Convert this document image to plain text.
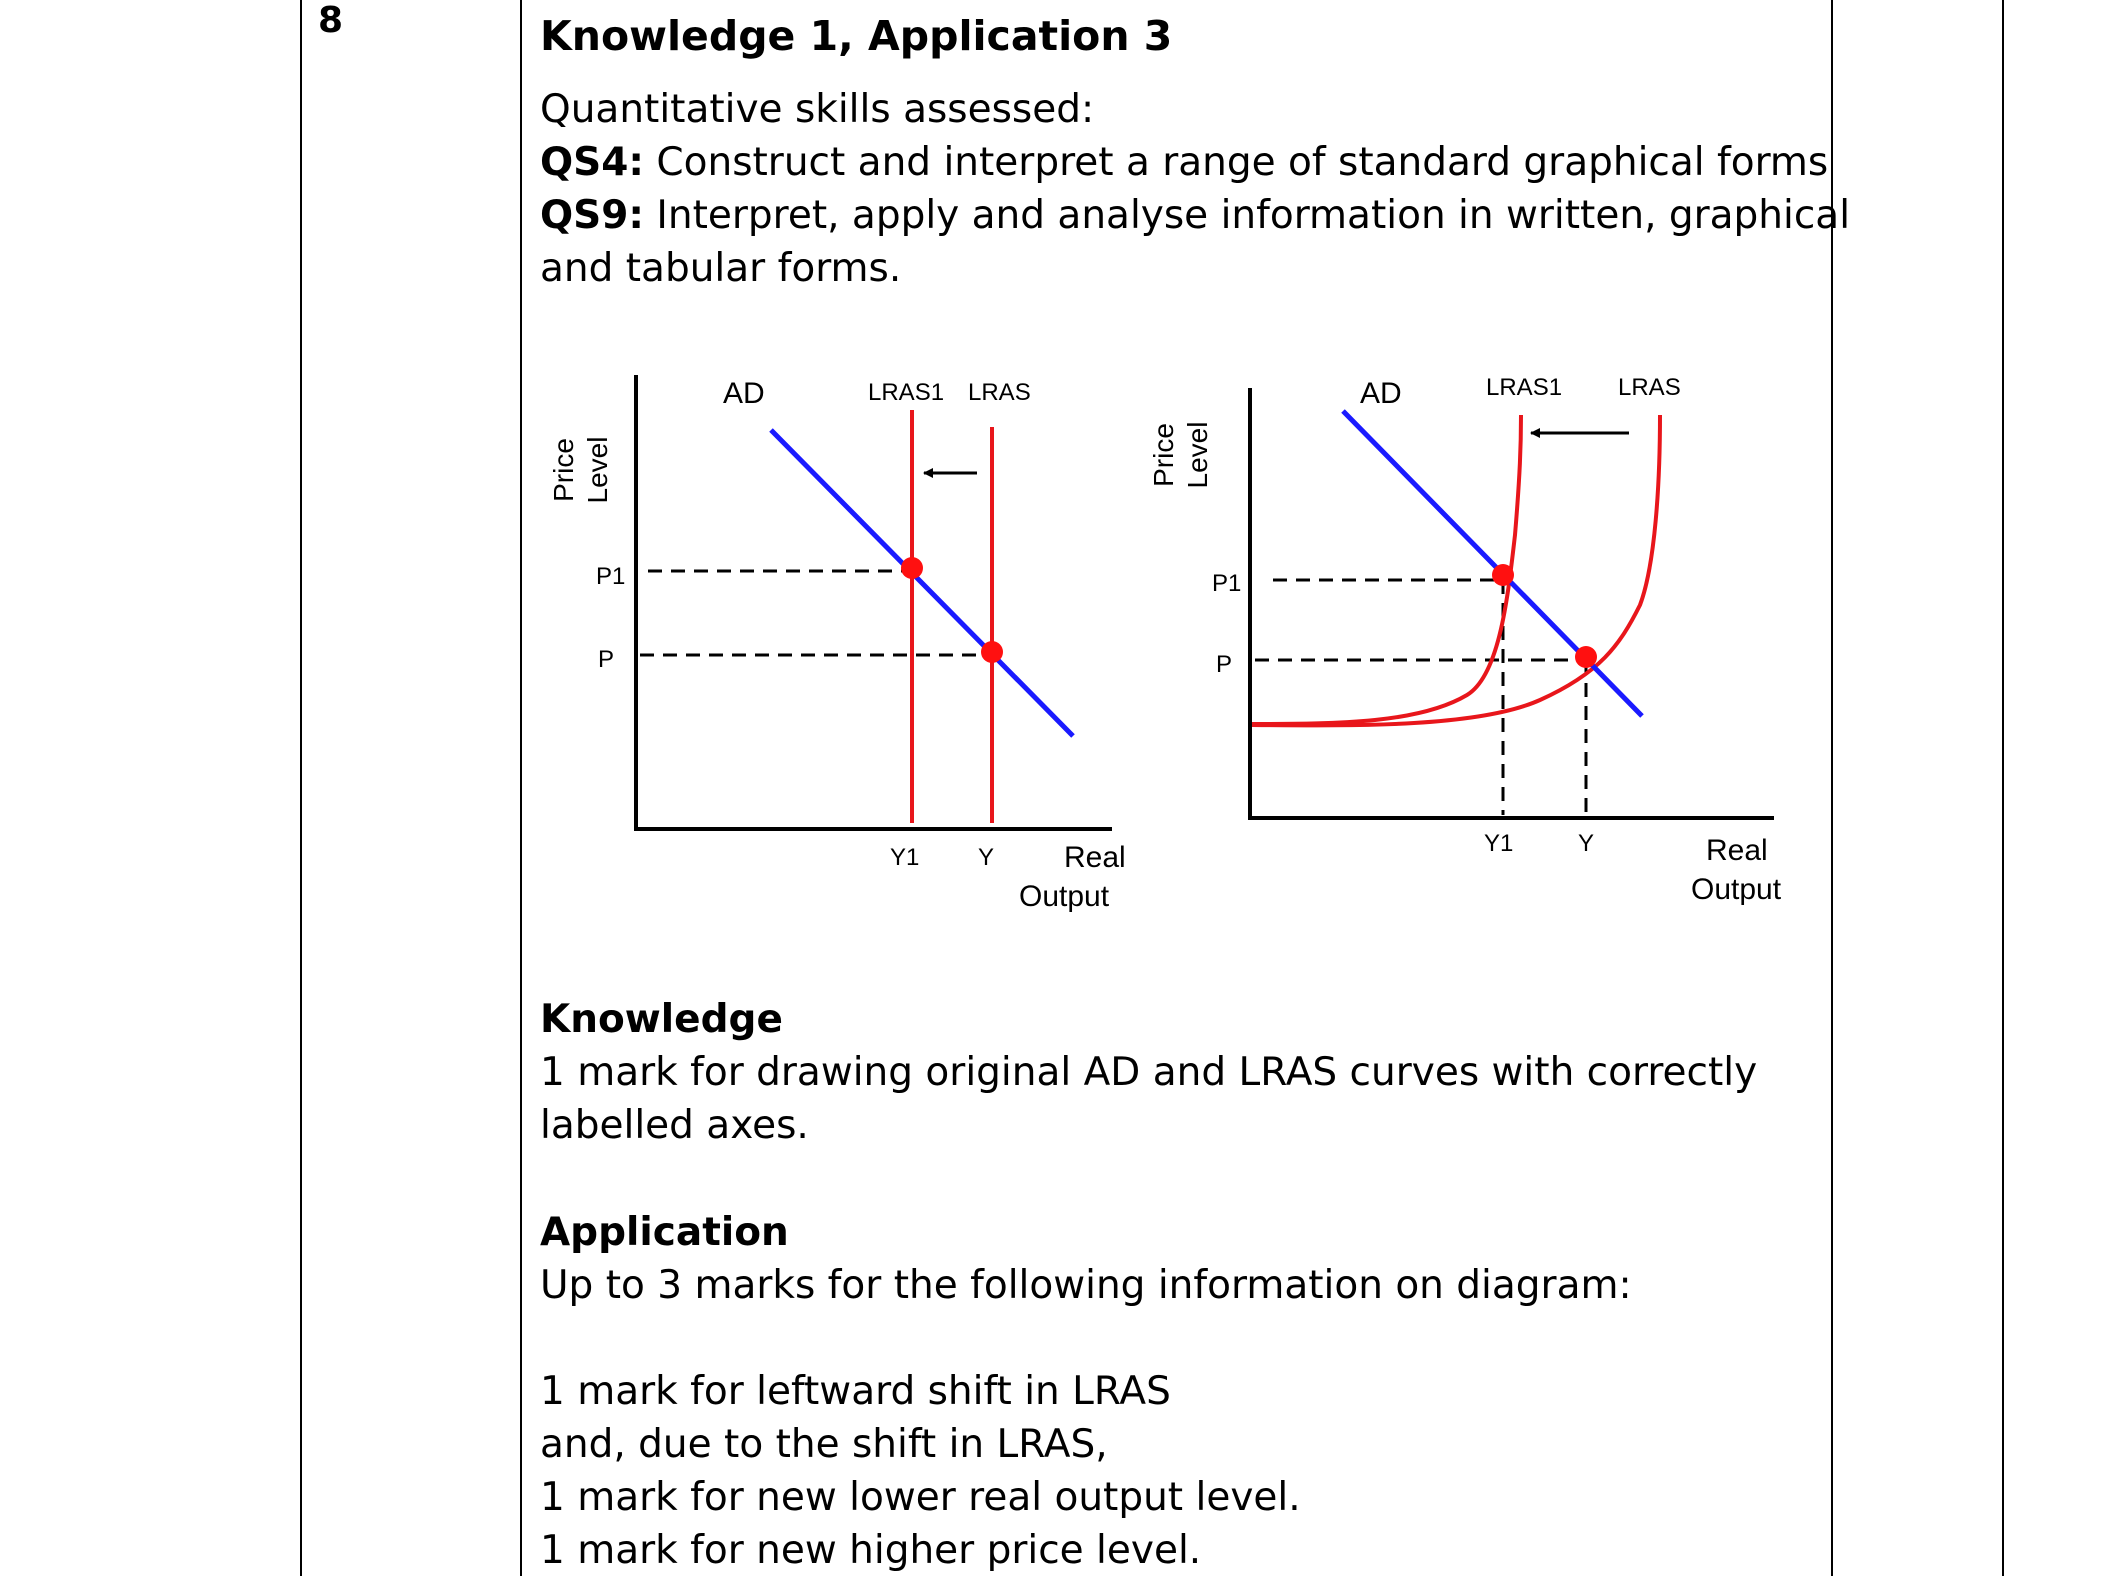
8	Knowledge 1, Application 3
Quantitative skills assessed:
QS4: Construct and interpret a range of standard graphical forms
QS9: Interpret, apply and analyse information in written, graphical
and tabular forms.
Price Level
P1
P
AD	LRAS1 LRAS
Y1 Y Real
Output
Price Level
P1
P
AD	LRAS1 LRAS
Y1	Y	Real
Output
Knowledge
1 mark for drawing original AD and LRAS curves with correctly
labelled axes.
Application
Up to 3 marks for the following information on diagram:
1 mark for leftward shift in LRAS
and, due to the shift in LRAS,
1 mark for new lower real output level.
1 mark for new higher price level.
